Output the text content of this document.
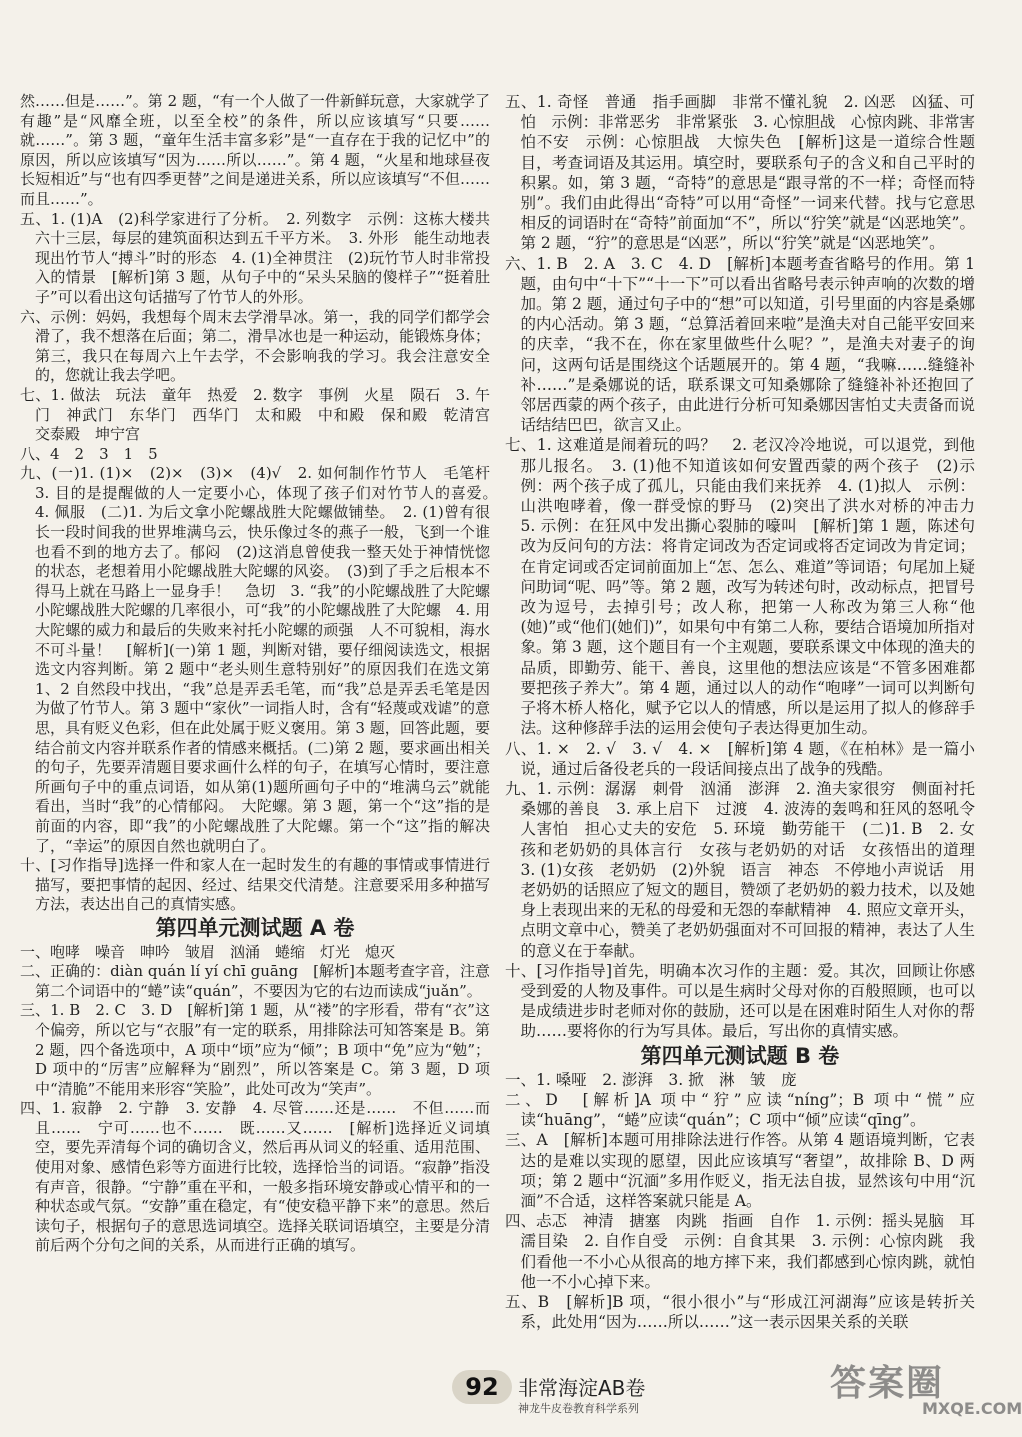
然……但是……”。第 2 题，“有一个人做了一件新鲜玩意，大家就学了有趣”是“风靡全班，以至全校”的条件，所以应该填写“只要……就……”。第 3 题，“童年生活丰富多彩”是“一直存在于我的记忆中”的原因，所以应该填写“因为……所以……”。第 4 题，“火星和地球昼夜长短相近”与“也有四季更替”之间是递进关系，所以应该填写“不但……而且……”。

五、1. (1)A　(2)科学家进行了分析。　2. 列数字　示例：这栋大楼共六十三层，每层的建筑面积达到五千平方米。　3. 外形　能生动地表现出竹节人“搏斗”时的形态　4. (1)全神贯注　(2)玩竹节人时非常投入的情景　[解析]第 3 题，从句子中的“呆头呆脑的傻样子”“挺着肚子”可以看出这句话描写了竹节人的外形。

六、示例：妈妈，我想每个周末去学滑旱冰。第一，我的同学们都学会滑了，我不想落在后面；第二，滑旱冰也是一种运动，能锻炼身体；第三，我只在每周六上午去学，不会影响我的学习。我会注意安全的，您就让我去学吧。

七、1. 做法　玩法　童年　热爱　2. 数字　事例　火星　陨石　3. 午门　神武门　东华门　西华门　太和殿　中和殿　保和殿　乾清宫　交泰殿　坤宁宫

八、4　2　3　1　5

九、(一)1. (1)×　(2)×　(3)×　(4)√　2. 如何制作竹节人　毛笔杆　3. 目的是提醒做的人一定要小心，体现了孩子们对竹节人的喜爱。　4. 佩服　(二)1. 为后文拿小陀螺战胜大陀螺做铺垫。　2. (1)曾有很长一段时间我的世界堆满乌云，快乐像过冬的燕子一般，飞到一个谁也看不到的地方去了。郁闷　(2)这消息曾使我一整天处于神情恍惚的状态，老想着用小陀螺战胜大陀螺的风姿。　(3)到了手之后根本不得马上就在马路上一显身手！　急切　3. “我”的小陀螺战胜了大陀螺　小陀螺战胜大陀螺的几率很小，可“我”的小陀螺战胜了大陀螺　4. 用大陀螺的威力和最后的失败来衬托小陀螺的顽强　人不可貌相，海水不可斗量！　[解析](一)第 1 题，判断对错，要仔细阅读选文，根据选文内容判断。第 2 题中“老头则生意特别好”的原因我们在选文第 1、2 自然段中找出，“我”总是弄丢毛笔，而“我”总是弄丢毛笔是因为做了竹节人。第 3 题中“家伙”一词指人时，含有“轻蔑或戏谑”的意思，具有贬义色彩，但在此处属于贬义褒用。第 3 题，回答此题，要结合前文内容并联系作者的情感来概括。(二)第 2 题，要求画出相关的句子，先要弄清题目要求画什么样的句子，在填写心情时，要注意所画句子中的重点词语，如从第(1)题所画句子中的“堆满乌云”就能看出，当时“我”的心情郁闷。　大陀螺。第 3 题，第一个“这”指的是前面的内容，即“我”的小陀螺战胜了大陀螺。第一个“这”指的解决了，“幸运”的原因自然也就明白了。

十、[习作指导]选择一件和家人在一起时发生的有趣的事情或事情进行描写，要把事情的起因、经过、结果交代清楚。注意要采用多种描写方法，表达出自己的真情实感。

第四单元测试题 A 卷

一、咆哮　噪音　呻吟　皱眉　汹涌　蜷缩　灯光　熄灭

二、正确的：diàn quán lí yí chī guāng　[解析]本题考查字音，注意第二个词语中的“蜷”读“quán”，不要因为它的右边而读成“juǎn”。

三、1. B　2. C　3. D　[解析]第 1 题，从“褛”的字形看，带有“衣”这个偏旁，所以它与“衣服”有一定的联系，用排除法可知答案是 B。第 2 题，四个备选项中，A 项中“顷”应为“倾”；B 项中“免”应为“勉”；D 项中的“厉害”应解释为“剧烈”，所以答案是 C。第 3 题，D 项中“清脆”不能用来形容“笑脸”，此处可改为“笑声”。

四、1. 寂静　2. 宁静　3. 安静　4. 尽管……还是……　不但……而且……　宁可……也不……　既……又……　[解析]选择近义词填空，要先弄清每个词的确切含义，然后再从词义的轻重、适用范围、使用对象、感情色彩等方面进行比较，选择恰当的词语。“寂静”指没有声音，很静。“宁静”重在平和，一般多指环境安静或心情平和的一种状态或气氛。“安静”重在稳定，有“使安稳平静下来”的意思。然后读句子，根据句子的意思选词填空。选择关联词语填空，主要是分清前后两个分句之间的关系，从而进行正确的填写。

五、1. 奇怪　普通　指手画脚　非常不懂礼貌　2. 凶恶　凶猛、可怕　示例：非常恶劣　非常紧张　3. 心惊胆战　心惊肉跳、非常害怕不安　示例：心惊胆战　大惊失色　[解析]这是一道综合性题目，考查词语及其运用。填空时，要联系句子的含义和自己平时的积累。如，第 3 题，“奇特”的意思是“跟寻常的不一样；奇怪而特别”。我们由此得出“奇特”可以用“奇怪”一词来代替。找与它意思相反的词语时在“奇特”前面加“不”，所以“狞笑”就是“凶恶地笑”。第 2 题，“狞”的意思是“凶恶”，所以“狞笑”就是“凶恶地笑”。

六、1. B　2. A　3. C　4. D　[解析]本题考查省略号的作用。第 1 题，由句中“十下”“十一下”可以看出省略号表示钟声响的次数的增加。第 2 题，通过句子中的“想”可以知道，引号里面的内容是桑娜的内心活动。第 3 题，“总算活着回来啦”是渔夫对自己能平安回来的庆幸，“我不在，你在家里做些什么呢？”，是渔夫对妻子的询问，这两句话是围绕这个话题展开的。第 4 题，“我嘛……缝缝补补……”是桑娜说的话，联系课文可知桑娜除了缝缝补补还抱回了邻居西蒙的两个孩子，由此进行分析可知桑娜因害怕丈夫责备而说话结结巴巴，欲言又止。

七、1. 这难道是闹着玩的吗？　2. 老汉冷冷地说，可以退党，到他那儿报名。　3. (1)他不知道该如何安置西蒙的两个孩子　(2)示例：两个孩子成了孤儿，只能由我们来抚养　4. (1)拟人　示例：山洪咆哮着，像一群受惊的野马　(2)突出了洪水对桥的冲击力　5. 示例：在狂风中发出撕心裂肺的嚎叫　[解析]第 1 题，陈述句改为反问句的方法：将肯定词改为否定词或将否定词改为肯定词；在肯定词或否定词前面加上“怎、怎么、难道”等词语；句尾加上疑问助词“呢、吗”等。第 2 题，改写为转述句时，改动标点，把冒号改为逗号，去掉引号；改人称，把第一人称改为第三人称“他(她)”或“他们(她们)”，如果句中有第二人称，要结合语境加所指对象。第 3 题，这个题目有一个主观题，要联系课文中体现的渔夫的品质，即勤劳、能干、善良，这里他的想法应该是“不管多困难都要把孩子养大”。第 4 题，通过以人的动作“咆哮”一词可以判断句子将木桥人格化，赋予它以人的情感，所以是运用了拟人的修辞手法。这种修辞手法的运用会使句子表达得更加生动。

八、1. ×　2. √　3. √　4. ×　[解析]第 4 题，《在柏林》是一篇小说，通过后备役老兵的一段话间接点出了战争的残酷。

九、1. 示例：潺潺　刺骨　汹涌　澎湃　2. 渔夫家很穷　侧面衬托桑娜的善良　3. 承上启下　过渡　4. 波涛的轰鸣和狂风的怒吼令人害怕　担心丈夫的安危　5. 环境　勤劳能干　(二)1. B　2. 女孩和老奶奶的具体言行　女孩与老奶奶的对话　女孩悟出的道理　3. (1)女孩　老奶奶　(2)外貌　语言　神态　不停地小声说话　用老奶奶的话照应了短文的题目，赞颂了老奶奶的毅力技术，以及她身上表现出来的无私的母爱和无怨的奉献精神　4. 照应文章开头，点明文章中心，赞美了老奶奶强面对不可回报的精神，表达了人生的意义在于奉献。

十、[习作指导]首先，明确本次习作的主题：爱。其次，回顾让你感受到爱的人物及事件。可以是生病时父母对你的百般照顾，也可以是成绩进步时老师对你的鼓励，还可以是在困难时陌生人对你的帮助……要将你的行为写具体。最后，写出你的真情实感。

第四单元测试题 B 卷

一、1. 嗓哑　2. 澎湃　3. 掀　淋　皱　庞

二、D　[解析]A 项中“狞”应读“níng”；B 项中“慌”应读“huāng”，“蜷”应读“quán”；C 项中“倾”应读“qīng”。

三、A　[解析]本题可用排除法进行作答。从第 4 题语境判断，它表达的是难以实现的愿望，因此应该填写“奢望”，故排除 B、D 两项；第 2 题中“沉湎”多用作贬义，指无法自拔，显然该句中用“沉湎”不合适，这样答案就只能是 A。

四、忐忑　神清　搪塞　肉跳　指画　自作　1. 示例：摇头晃脑　耳濡目染　2. 自作自受　示例：自食其果　3. 示例：心惊肉跳　我们看他一不小心从很高的地方摔下来，我们都感到心惊肉跳，就怕他一不小心掉下来。

五、B　[解析]B 项，“很小很小”与“形成江河湖海”应该是转折关系，此处用“因为……所以……”这一表示因果关系的关联

92 非常海淀AB卷
神龙牛皮卷教育科学系列
答案圈
MXQE.COM
